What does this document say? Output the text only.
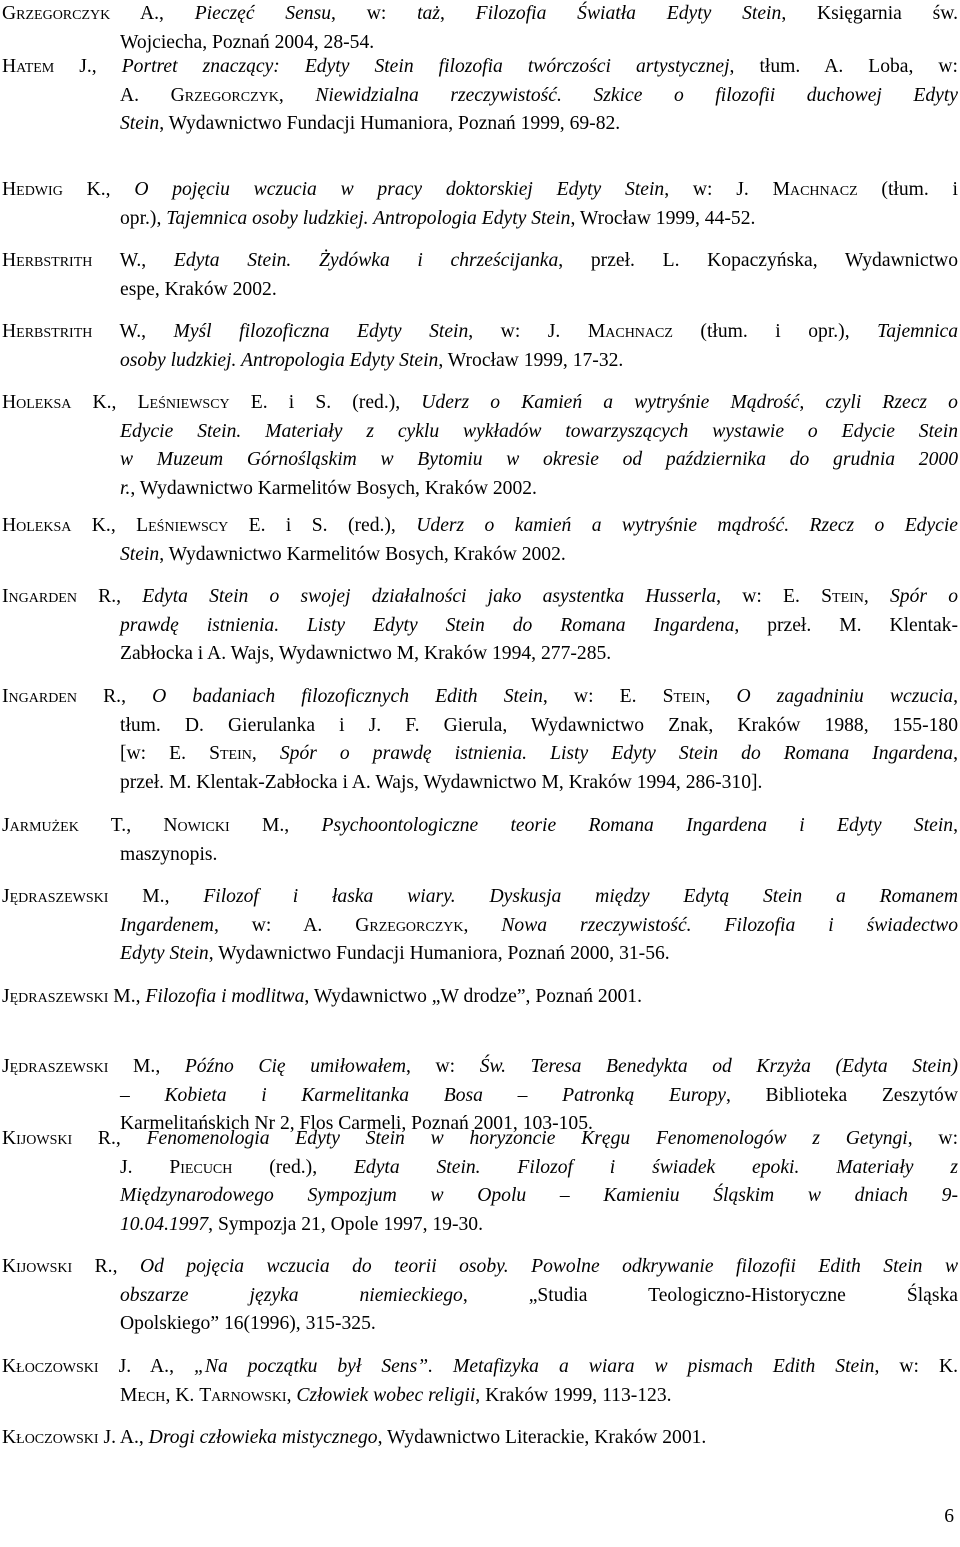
Grzegorczyk A., Pieczęć Sensu, w: taż, Filozofia Światła Edyty Stein, Księgarnia św.
Wojciecha, Poznań 2004, 28-54.
Hatem J., Portret znaczący: Edyty Stein filozofia twórczości artystycznej, tłum. A. Loba, w:
A. Grzegorczyk, Niewidzialna rzeczywistość. Szkice o filozofii duchowej Edyty
Stein, Wydawnictwo Fundacji Humaniora, Poznań 1999, 69-82.
Hedwig K., O pojęciu wczucia w pracy doktorskiej Edyty Stein, w: J. Machnacz (tłum. i
opr.), Tajemnica osoby ludzkiej. Antropologia Edyty Stein, Wrocław 1999, 44-52.
Herbstrith W., Edyta Stein. Żydówka i chrześcijanka, przeł. L. Kopaczyńska, Wydawnictwo
espe, Kraków 2002.
Herbstrith W., Myśl filozoficzna Edyty Stein, w: J. Machnacz (tłum. i opr.), Tajemnica
osoby ludzkiej. Antropologia Edyty Stein, Wrocław 1999, 17-32.
Holeksa K., Leśniewscy E. i S. (red.), Uderz o Kamień a wytryśnie Mądrość, czyli Rzecz o
Edycie Stein. Materiały z cyklu wykładów towarzyszących wystawie o Edycie Stein
w Muzeum Górnośląskim w Bytomiu w okresie od października do grudnia 2000
r., Wydawnictwo Karmelitów Bosych, Kraków 2002.
Holeksa K., Leśniewscy E. i S. (red.), Uderz o kamień a wytryśnie mądrość. Rzecz o Edycie
Stein, Wydawnictwo Karmelitów Bosych, Kraków 2002.
Ingarden R., Edyta Stein o swojej działalności jako asystentka Husserla, w: E. Stein, Spór o
prawdę istnienia. Listy Edyty Stein do Romana Ingardena, przeł. M. Klentak-
Zabłocka i A. Wajs, Wydawnictwo M, Kraków 1994, 277-285.
Ingarden R., O badaniach filozoficznych Edith Stein, w: E. Stein, O zagadniniu wczucia,
tłum. D. Gierulanka i J. F. Gierula, Wydawnictwo Znak, Kraków 1988, 155-180
[w: E. Stein, Spór o prawdę istnienia. Listy Edyty Stein do Romana Ingardena,
przeł. M. Klentak-Zabłocka i A. Wajs, Wydawnictwo M, Kraków 1994, 286-310].
Jarmużek T., Nowicki M., Psychoontologiczne teorie Romana Ingardena i Edyty Stein,
maszynopis.
Jędraszewski M., Filozof i łaska wiary. Dyskusja między Edytą Stein a Romanem
Ingardenem, w: A. Grzegorczyk, Nowa rzeczywistość. Filozofia i świadectwo
Edyty Stein, Wydawnictwo Fundacji Humaniora, Poznań 2000, 31-56.
Jędraszewski M., Filozofia i modlitwa, Wydawnictwo „W drodze”, Poznań 2001.
Jędraszewski M., Późno Cię umiłowałem, w: Św. Teresa Benedykta od Krzyża (Edyta Stein)
– Kobieta i Karmelitanka Bosa – Patronką Europy, Biblioteka Zeszytów
Karmelitańskich Nr 2, Flos Carmeli, Poznań 2001, 103-105.
Kijowski R., Fenomenologia Edyty Stein w horyzoncie Kręgu Fenomenologów z Getyngi, w:
J. Piecuch (red.), Edyta Stein. Filozof i świadek epoki. Materiały z
Międzynarodowego Sympozjum w Opolu – Kamieniu Śląskim w dniach 9-
10.04.1997, Sympozja 21, Opole 1997, 19-30.
Kijowski R., Od pojęcia wczucia do teorii osoby. Powolne odkrywanie filozofii Edith Stein w
obszarze języka niemieckiego, „Studia Teologiczno-Historyczne Śląska
Opolskiego” 16(1996), 315-325.
Kłoczowski J. A., „Na początku był Sens”. Metafizyka a wiara w pismach Edith Stein, w: K.
Mech, K. Tarnowski, Człowiek wobec religii, Kraków 1999, 113-123.
Kłoczowski J. A., Drogi człowieka mistycznego, Wydawnictwo Literackie, Kraków 2001.
6
